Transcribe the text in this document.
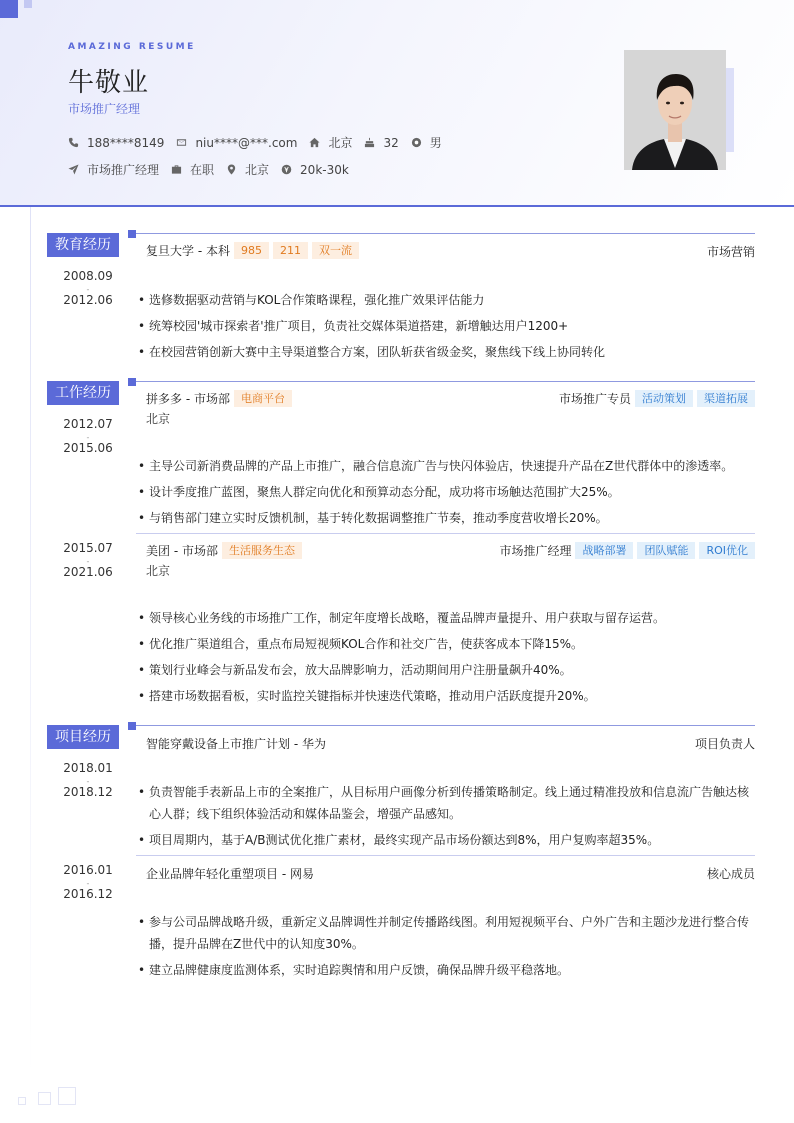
AMAZING RESUME
牛敬业
市场推广经理
188****8149	niu****@***.com	北京	32	男
市场推广经理	在职	北京	20k-30k
教育经历
2008.09
-
2012.06
复旦大学 - 本科	985	211	双一流	市场营销
• 选修数据驱动营销与KOL合作策略课程，强化推广效果评估能力
• 统筹校园'城市探索者'推广项目，负责社交媒体渠道搭建，新增触达用户1200+
• 在校园营销创新大赛中主导渠道整合方案，团队斩获省级金奖，聚焦线下线上协同转化
工作经历
2012.07
-
2015.06
拼多多 - 市场部	电商平台	市场推广专员	活动策划	渠道拓展
北京
• 主导公司新消费品牌的产品上市推广，融合信息流广告与快闪体验店，快速提升产品在Z世代群体中的渗透率。
• 设计季度推广蓝图，聚焦人群定向优化和预算动态分配，成功将市场触达范围扩大25%。
• 与销售部门建立实时反馈机制，基于转化数据调整推广节奏，推动季度营收增长20%。
2015.07
-
2021.06
美团 - 市场部	生活服务生态	市场推广经理	战略部署	团队赋能	ROI优化
北京
• 领导核心业务线的市场推广工作，制定年度增长战略，覆盖品牌声量提升、用户获取与留存运营。
• 优化推广渠道组合，重点布局短视频KOL合作和社交广告，使获客成本下降15%。
• 策划行业峰会与新品发布会，放大品牌影响力，活动期间用户注册量飙升40%。
• 搭建市场数据看板，实时监控关键指标并快速迭代策略，推动用户活跃度提升20%。
项目经历
2018.01
-
2018.12
智能穿戴设备上市推广计划 - 华为	项目负责人
• 负责智能手表新品上市的全案推广，从目标用户画像分析到传播策略制定。线上通过精准投放和信息流广告触达核心人群；线下组织体验活动和媒体品鉴会，增强产品感知。
• 项目周期内，基于A/B测试优化推广素材，最终实现产品市场份额达到8%，用户复购率超35%。
2016.01
-
2016.12
企业品牌年轻化重塑项目 - 网易	核心成员
• 参与公司品牌战略升级，重新定义品牌调性并制定传播路线图。利用短视频平台、户外广告和主题沙龙进行整合传播，提升品牌在Z世代中的认知度30%。
• 建立品牌健康度监测体系，实时追踪舆情和用户反馈，确保品牌升级平稳落地。
